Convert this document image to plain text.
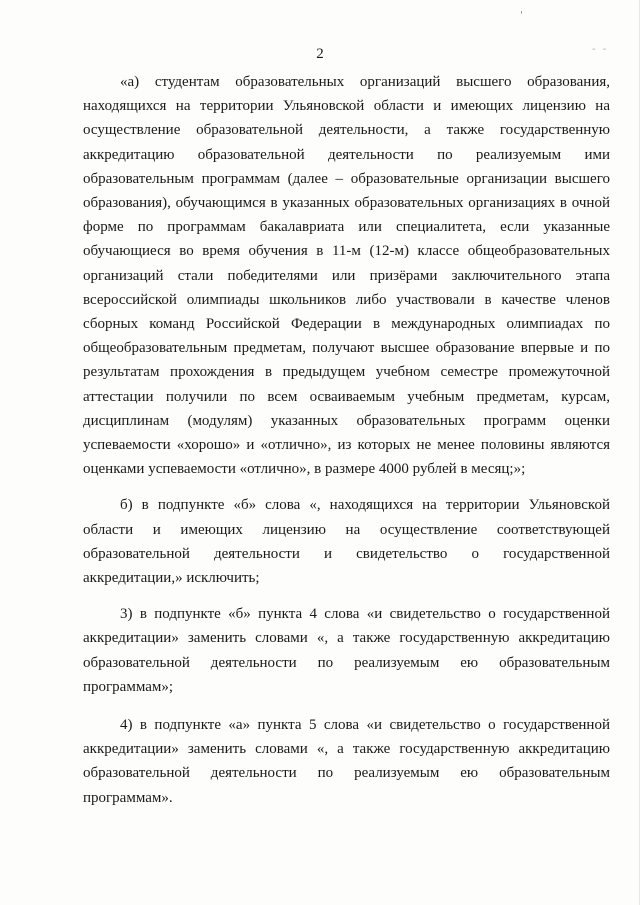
'
- -
2

«а) студентам образовательных организаций высшего образования, находящихся на территории Ульяновской области и имеющих лицензию на осуществление образовательной деятельности, а также государственную аккредитацию образовательной деятельности по реализуемым ими образовательным программам (далее – образовательные организации высшего образования), обучающимся в указанных образовательных организациях в очной форме по программам бакалавриата или специалитета, если указанные обучающиеся во время обучения в 11-м (12-м) классе общеобразовательных организаций стали победителями или призёрами заключительного этапа всероссийской олимпиады школьников либо участвовали в качестве членов сборных команд Российской Федерации в международных олимпиадах по общеобразовательным предметам, получают высшее образование впервые и по результатам прохождения в предыдущем учебном семестре промежуточной аттестации получили по всем осваиваемым учебным предметам, курсам, дисциплинам (модулям) указанных образовательных программ оценки успеваемости «хорошо» и «отлично», из которых не менее половины являются оценками успеваемости «отлично», в размере 4000 рублей в месяц;»;

б) в подпункте «б» слова «, находящихся на территории Ульяновской области и имеющих лицензию на осуществление соответствующей образовательной деятельности и свидетельство о государственной аккредитации,» исключить;

3) в подпункте «б» пункта 4 слова «и свидетельство о государственной аккредитации» заменить словами «, а также государственную аккредитацию образовательной деятельности по реализуемым ею образовательным программам»;

4) в подпункте «а» пункта 5 слова «и свидетельство о государственной аккредитации» заменить словами «, а также государственную аккредитацию образовательной деятельности по реализуемым ею образовательным программам».
